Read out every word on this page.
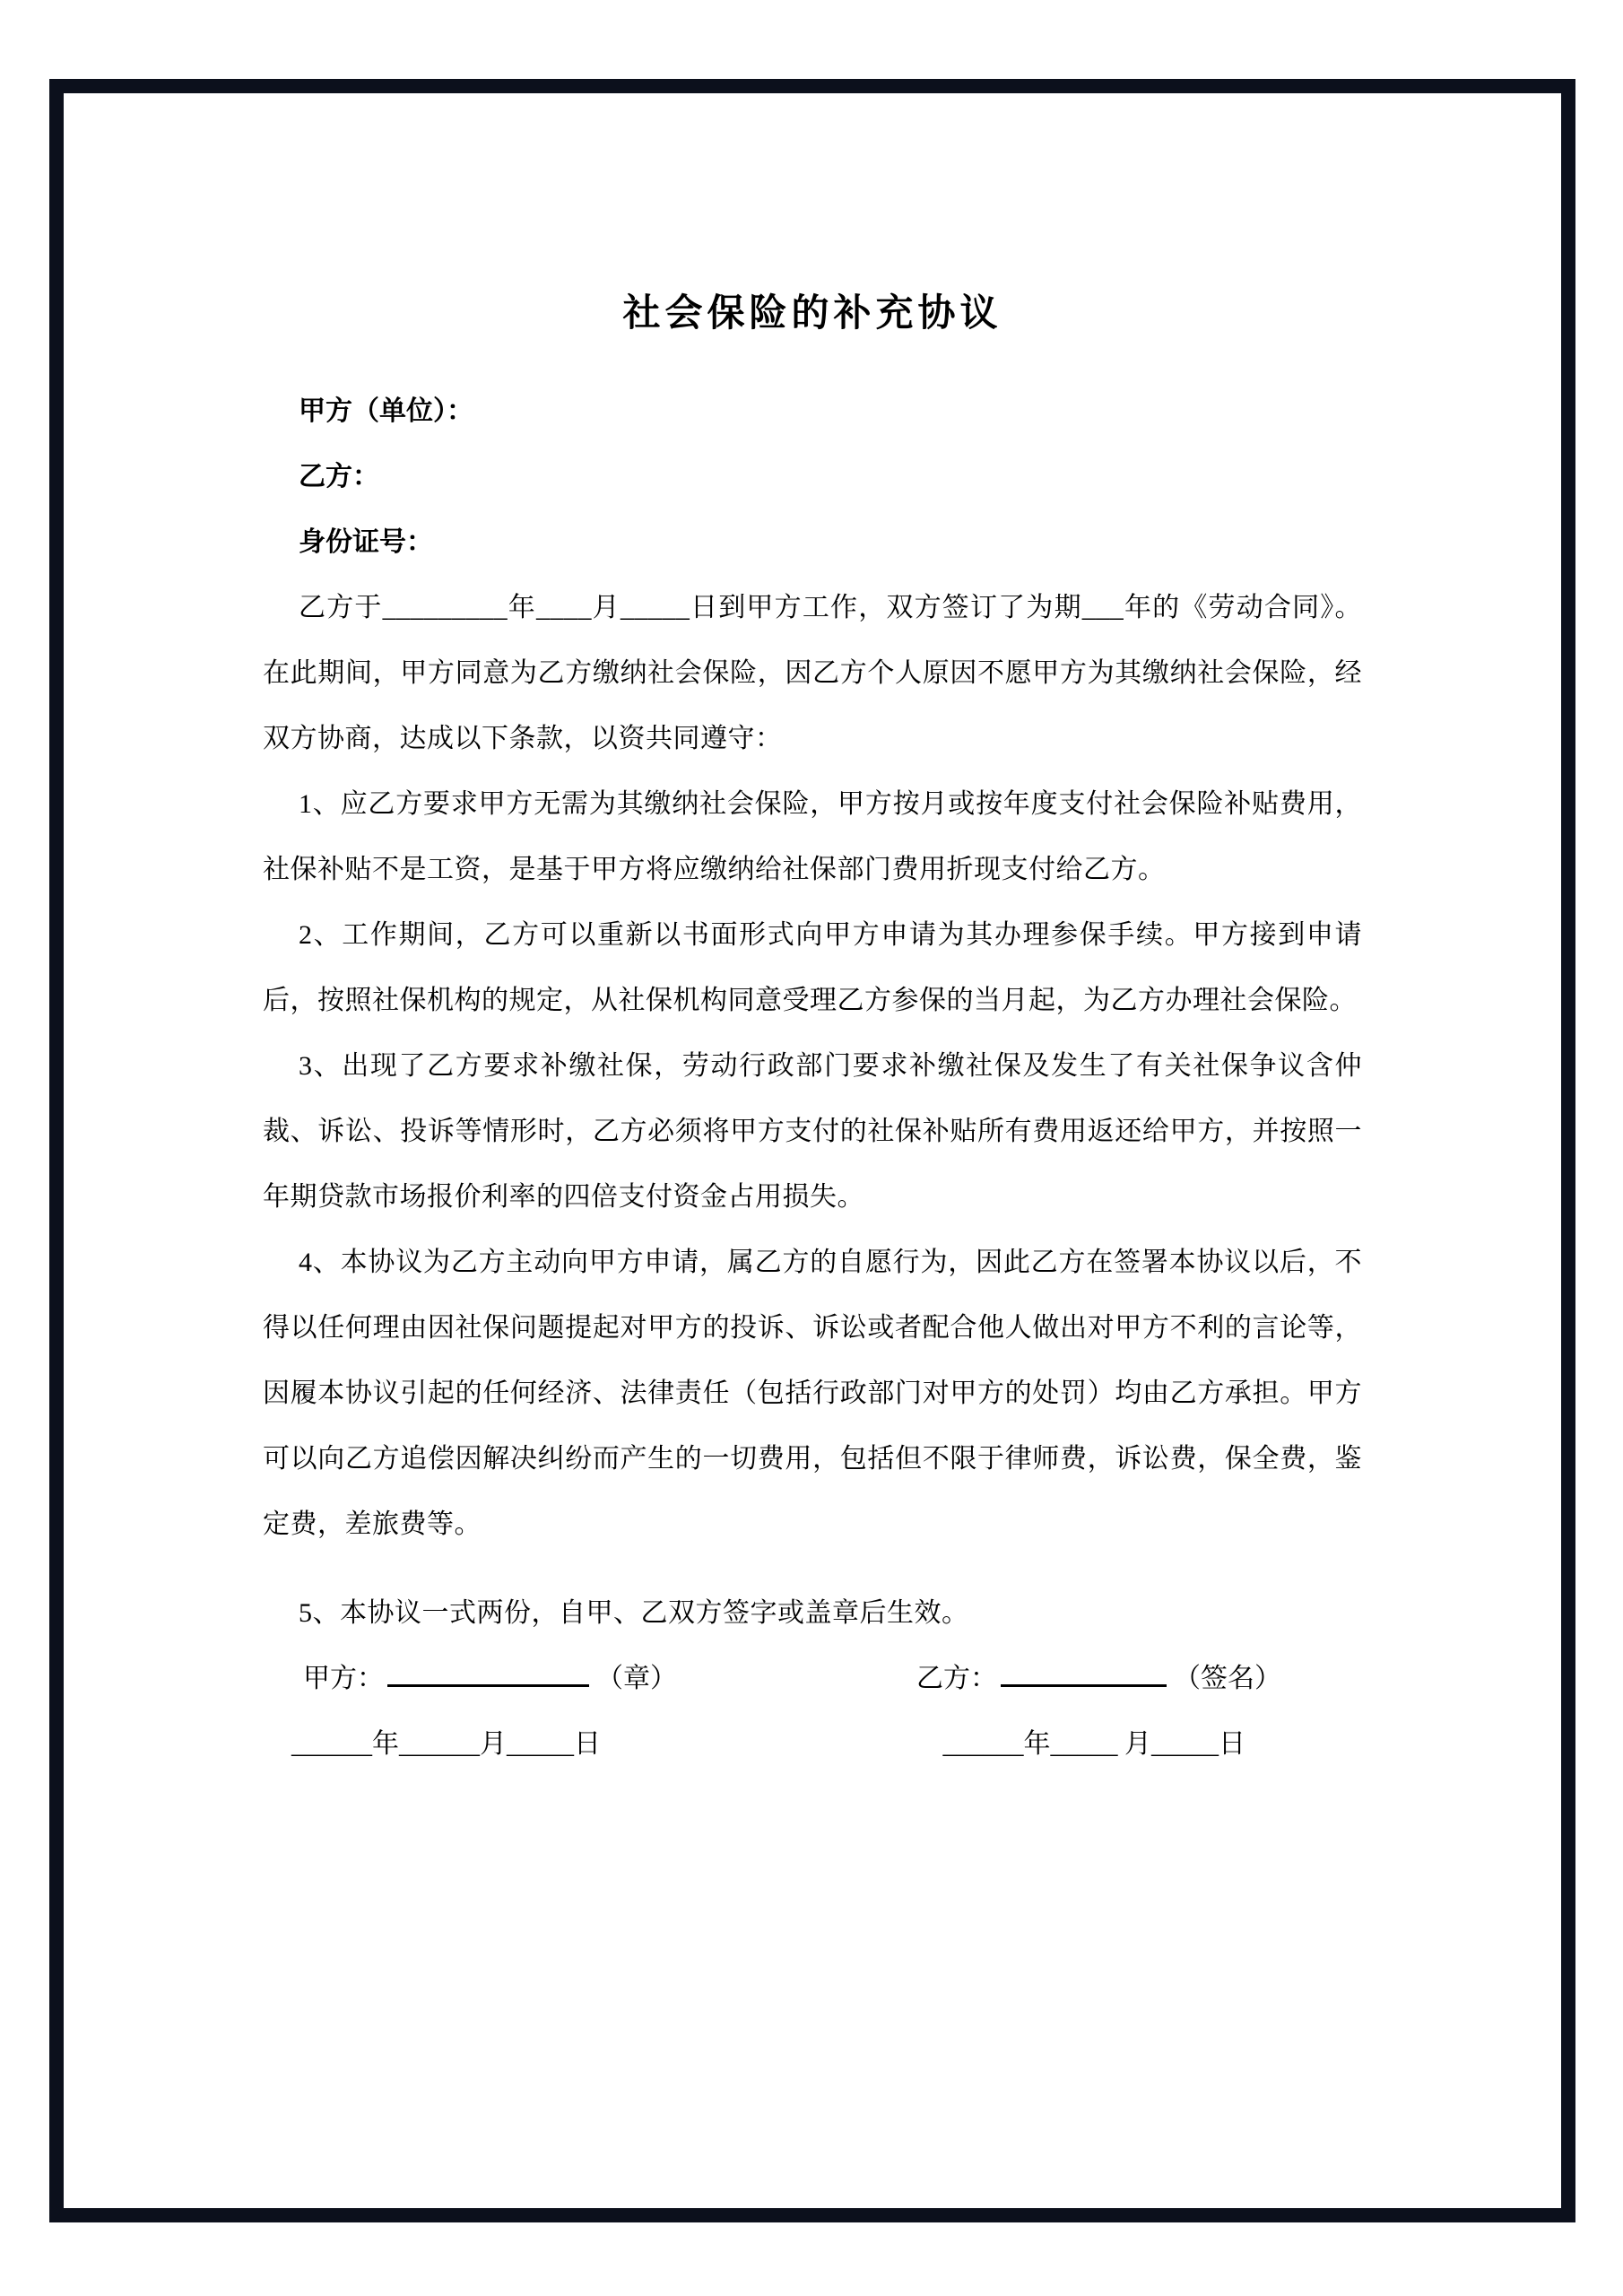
社会保险的补充协议

甲方（单位）：

乙方：

身份证号：

乙方于_________年____月_____日到甲方工作，双方签订了为期___年的《劳动合同》。在此期间，甲方同意为乙方缴纳社会保险，因乙方个人原因不愿甲方为其缴纳社会保险，经双方协商，达成以下条款，以资共同遵守：

1、应乙方要求甲方无需为其缴纳社会保险，甲方按月或按年度支付社会保险补贴费用，社保补贴不是工资，是基于甲方将应缴纳给社保部门费用折现支付给乙方。

2、工作期间，乙方可以重新以书面形式向甲方申请为其办理参保手续。甲方接到申请后，按照社保机构的规定，从社保机构同意受理乙方参保的当月起，为乙方办理社会保险。

3、出现了乙方要求补缴社保，劳动行政部门要求补缴社保及发生了有关社保争议含仲裁、诉讼、投诉等情形时，乙方必须将甲方支付的社保补贴所有费用返还给甲方，并按照一年期贷款市场报价利率的四倍支付资金占用损失。

4、本协议为乙方主动向甲方申请，属乙方的自愿行为，因此乙方在签署本协议以后，不得以任何理由因社保问题提起对甲方的投诉、诉讼或者配合他人做出对甲方不利的言论等，因履本协议引起的任何经济、法律责任（包括行政部门对甲方的处罚）均由乙方承担。甲方可以向乙方追偿因解决纠纷而产生的一切费用，包括但不限于律师费，诉讼费，保全费，鉴定费，差旅费等。

5、本协议一式两份，自甲、乙双方签字或盖章后生效。

甲方：	（章）	乙方：	（签名）
______年______月_____日	______年_____ 月_____日
